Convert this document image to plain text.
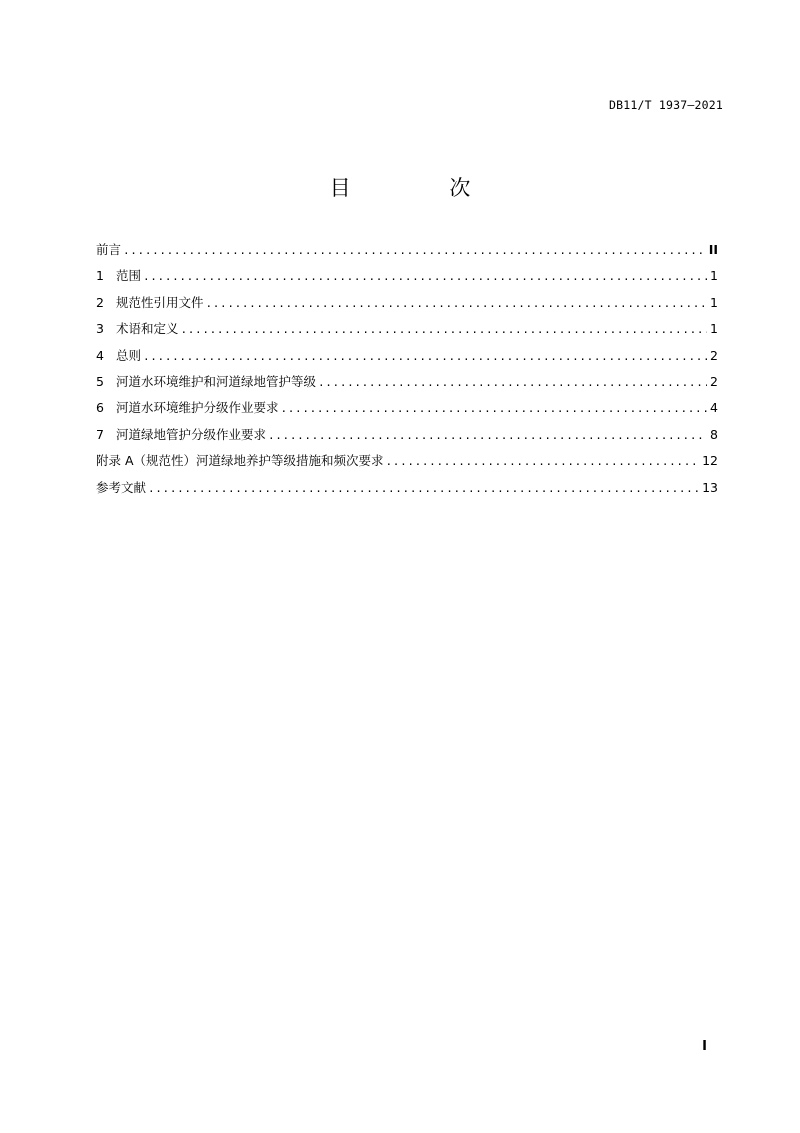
DB11/T 1937—2021
目 次
前言 .....	II
1 范围 .....	1
2 规范性引用文件 .....	1
3 术语和定义 .....	1
4 总则 .....	2
5 河道水环境维护和河道绿地管护等级 .....	2
6 河道水环境维护分级作业要求 .....	4
7 河道绿地管护分级作业要求 .....	8
附录 A（规范性）河道绿地养护等级措施和频次要求 .....	12
参考文献 .....	13
I
